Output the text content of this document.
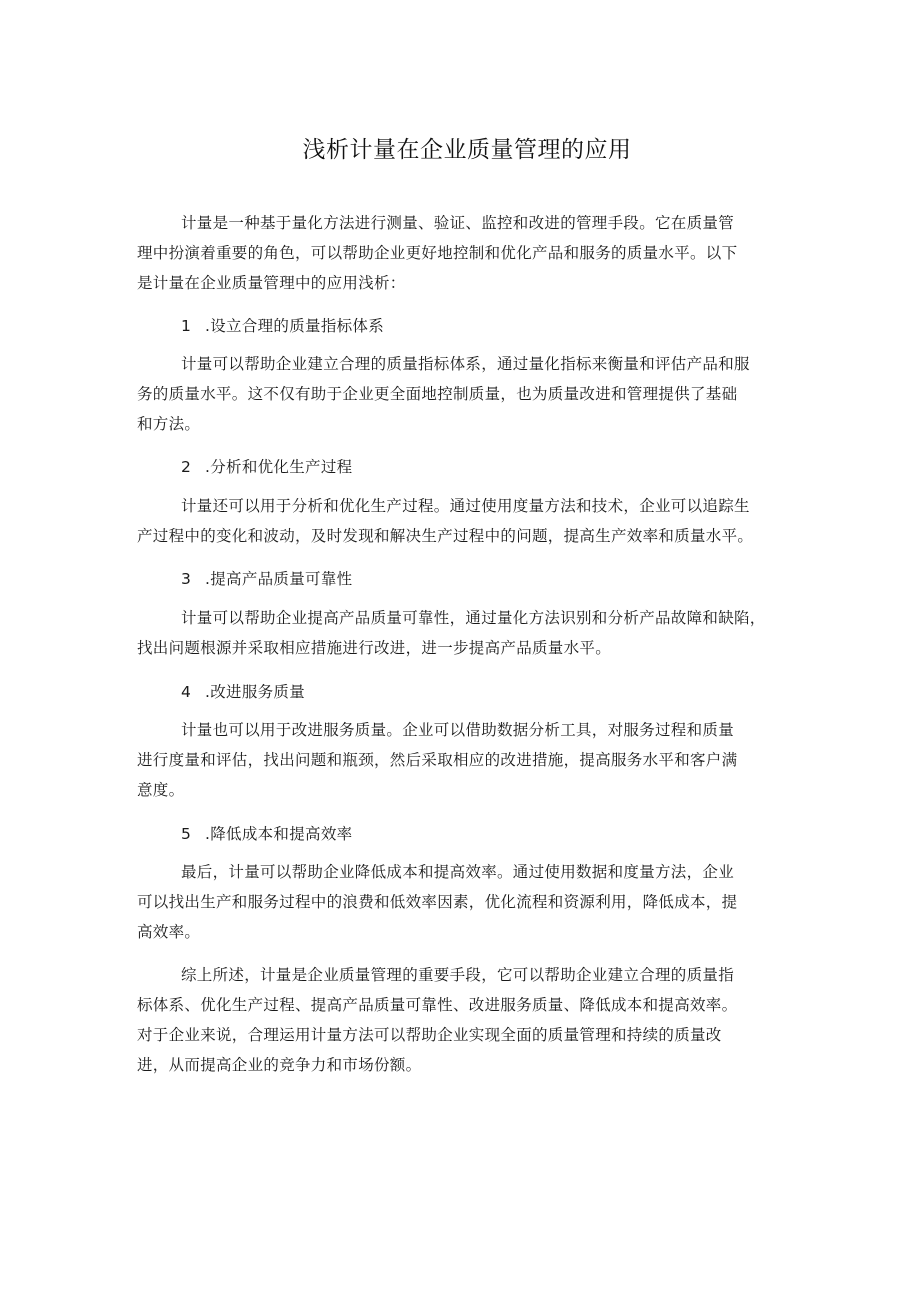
浅析计量在企业质量管理的应用

计量是一种基于量化方法进行测量、验证、监控和改进的管理手段。它在质量管
理中扮演着重要的角色，可以帮助企业更好地控制和优化产品和服务的质量水平。以下
是计量在企业质量管理中的应用浅析：

1 .设立合理的质量指标体系

计量可以帮助企业建立合理的质量指标体系，通过量化指标来衡量和评估产品和服
务的质量水平。这不仅有助于企业更全面地控制质量，也为质量改进和管理提供了基础
和方法。

2 .分析和优化生产过程

计量还可以用于分析和优化生产过程。通过使用度量方法和技术，企业可以追踪生
产过程中的变化和波动，及时发现和解决生产过程中的问题，提高生产效率和质量水平。

3 .提高产品质量可靠性

计量可以帮助企业提高产品质量可靠性，通过量化方法识别和分析产品故障和缺陷，
找出问题根源并采取相应措施进行改进，进一步提高产品质量水平。

4 .改进服务质量

计量也可以用于改进服务质量。企业可以借助数据分析工具，对服务过程和质量
进行度量和评估，找出问题和瓶颈，然后采取相应的改进措施，提高服务水平和客户满
意度。

5 .降低成本和提高效率

最后，计量可以帮助企业降低成本和提高效率。通过使用数据和度量方法，企业
可以找出生产和服务过程中的浪费和低效率因素，优化流程和资源利用，降低成本，提
高效率。

综上所述，计量是企业质量管理的重要手段，它可以帮助企业建立合理的质量指
标体系、优化生产过程、提高产品质量可靠性、改进服务质量、降低成本和提高效率。
对于企业来说，合理运用计量方法可以帮助企业实现全面的质量管理和持续的质量改
进，从而提高企业的竞争力和市场份额。
